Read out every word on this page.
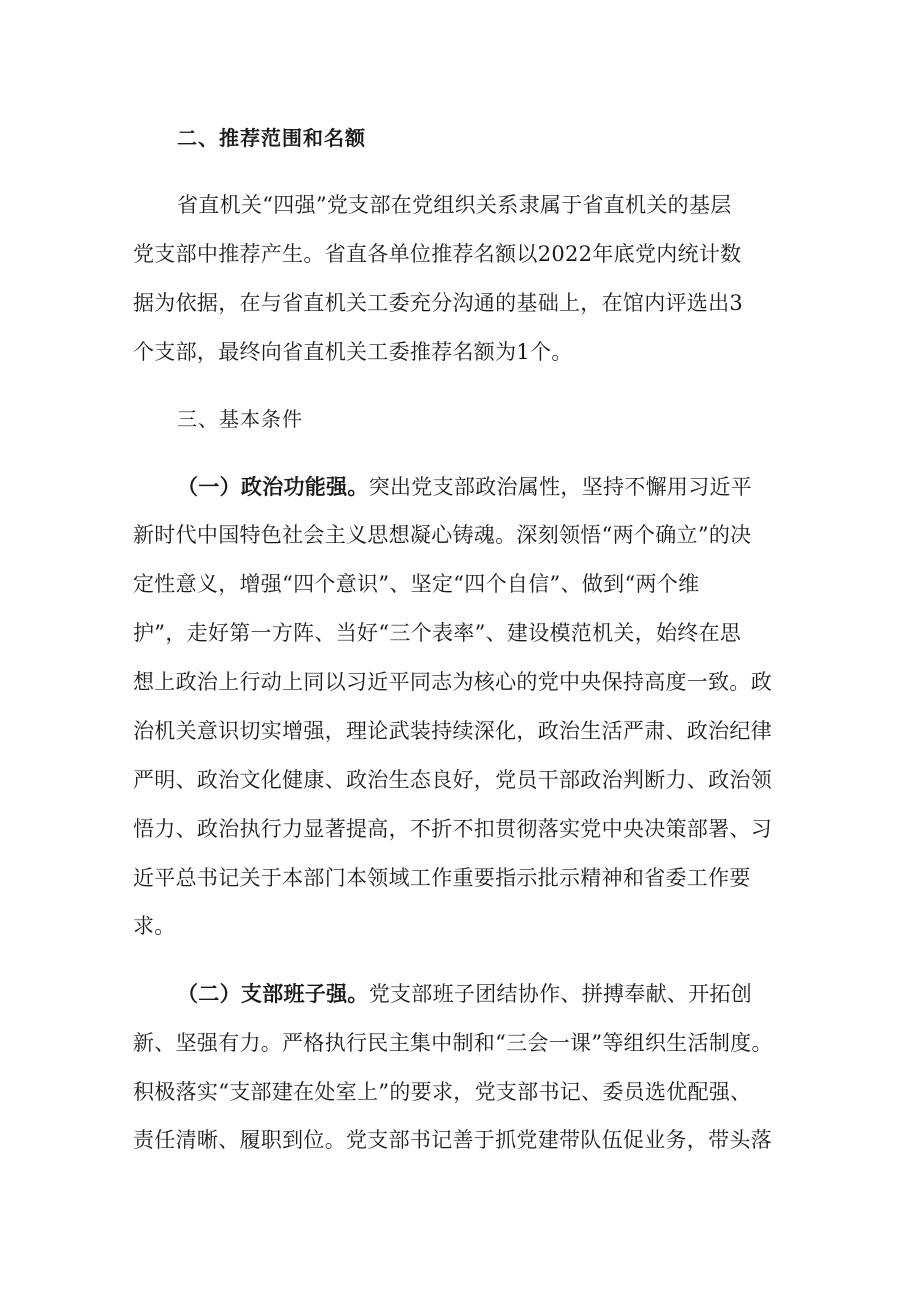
二、推荐范围和名额
省直机关“四强”党支部在党组织关系隶属于省直机关的基层
党支部中推荐产生。省直各单位推荐名额以2022年底党内统计数
据为依据，在与省直机关工委充分沟通的基础上，在馆内评选出3
个支部，最终向省直机关工委推荐名额为1个。
三、基本条件
（一）政治功能强。突出党支部政治属性，坚持不懈用习近平
新时代中国特色社会主义思想凝心铸魂。深刻领悟“两个确立”的决
定性意义，增强“四个意识”、坚定“四个自信”、做到“两个维
护”，走好第一方阵、当好“三个表率”、建设模范机关，始终在思
想上政治上行动上同以习近平同志为核心的党中央保持高度一致。政
治机关意识切实增强，理论武装持续深化，政治生活严肃、政治纪律
严明、政治文化健康、政治生态良好，党员干部政治判断力、政治领
悟力、政治执行力显著提高，不折不扣贯彻落实党中央决策部署、习
近平总书记关于本部门本领域工作重要指示批示精神和省委工作要
求。
（二）支部班子强。党支部班子团结协作、拼搏奉献、开拓创
新、坚强有力。严格执行民主集中制和“三会一课”等组织生活制度。
积极落实“支部建在处室上”的要求，党支部书记、委员选优配强、
责任清晰、履职到位。党支部书记善于抓党建带队伍促业务，带头落
